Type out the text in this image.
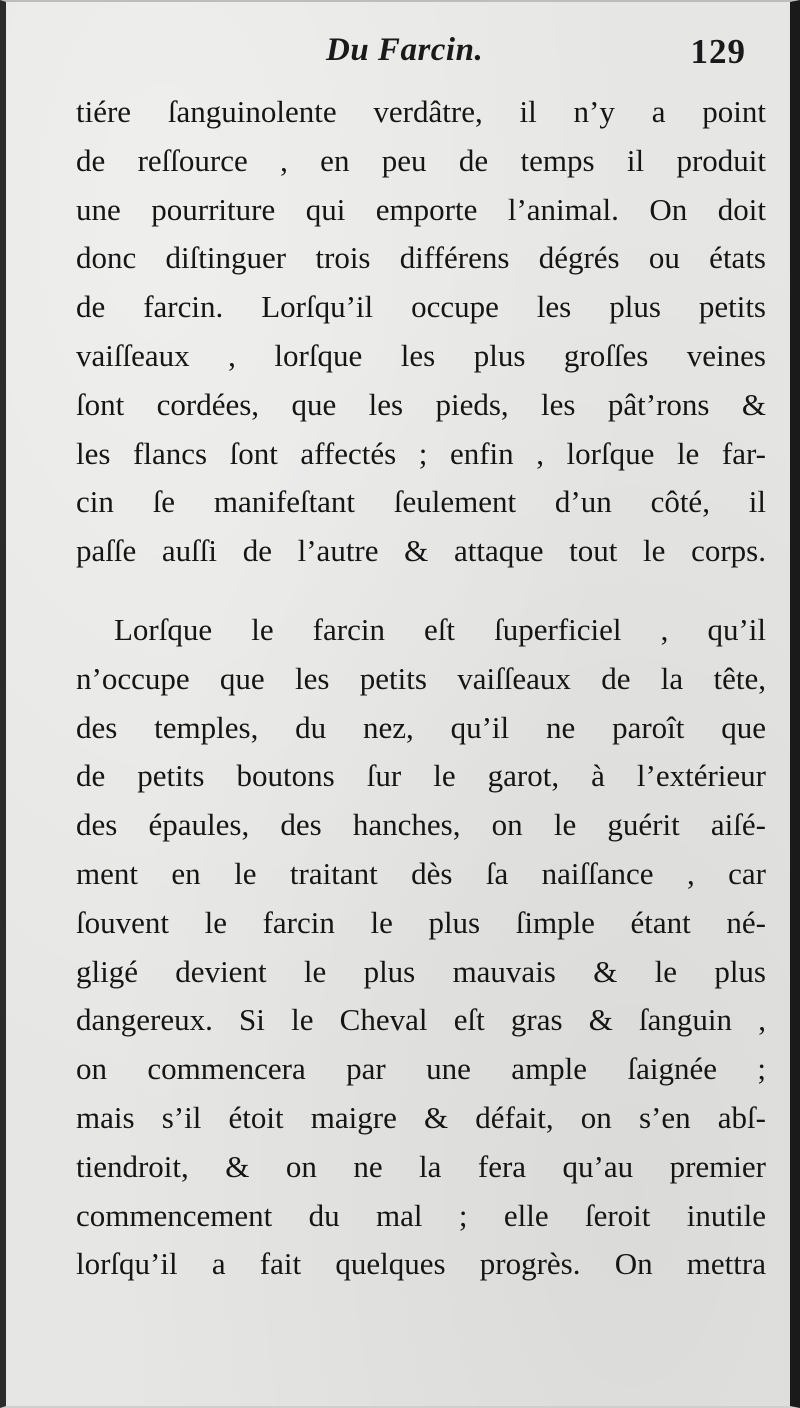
Du Farcin.	129
tiére ſanguinolente verdâtre, il n’y a point
de reſſource , en peu de temps il produit
une pourriture qui emporte l’animal. On doit
donc diſtinguer trois différens dégrés ou états
de farcin. Lorſqu’il occupe les plus petits
vaiſſeaux , lorſque les plus groſſes veines
ſont cordées, que les pieds, les pât’rons &
les flancs ſont affectés ; enfin , lorſque le far-
cin ſe manifeſtant ſeulement d’un côté, il
paſſe auſſi de l’autre & attaque tout le corps.
Lorſque le farcin eſt ſuperficiel , qu’il
n’occupe que les petits vaiſſeaux de la tête,
des temples, du nez, qu’il ne paroît que
de petits boutons ſur le garot, à l’extérieur
des épaules, des hanches, on le guérit aiſé-
ment en le traitant dès ſa naiſſance , car
ſouvent le farcin le plus ſimple étant né-
gligé devient le plus mauvais & le plus
dangereux. Si le Cheval eſt gras & ſanguin ,
on commencera par une ample ſaignée ;
mais s’il étoit maigre & défait, on s’en abſ-
tiendroit, & on ne la fera qu’au premier
commencement du mal ; elle ſeroit inutile
lorſqu’il a fait quelques progrès. On mettra
